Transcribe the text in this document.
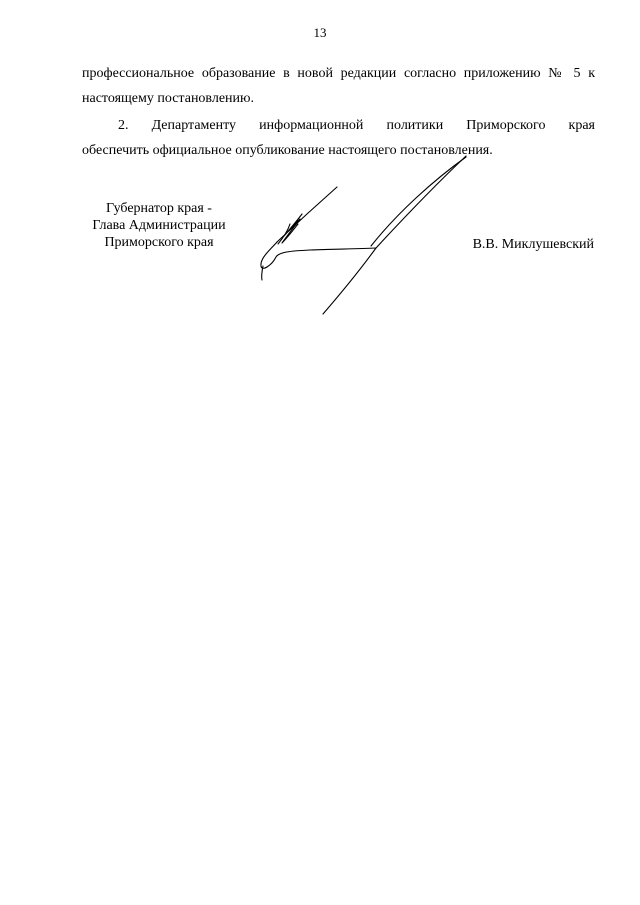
13
профессиональное образование в новой редакции согласно приложению № 5 к
настоящему постановлению.
2. Департаменту информационной политики Приморского края
обеспечить официальное опубликование настоящего постановления.
Губернатор края -
Глава Администрации
Приморского края	В.В. Миклушевский
